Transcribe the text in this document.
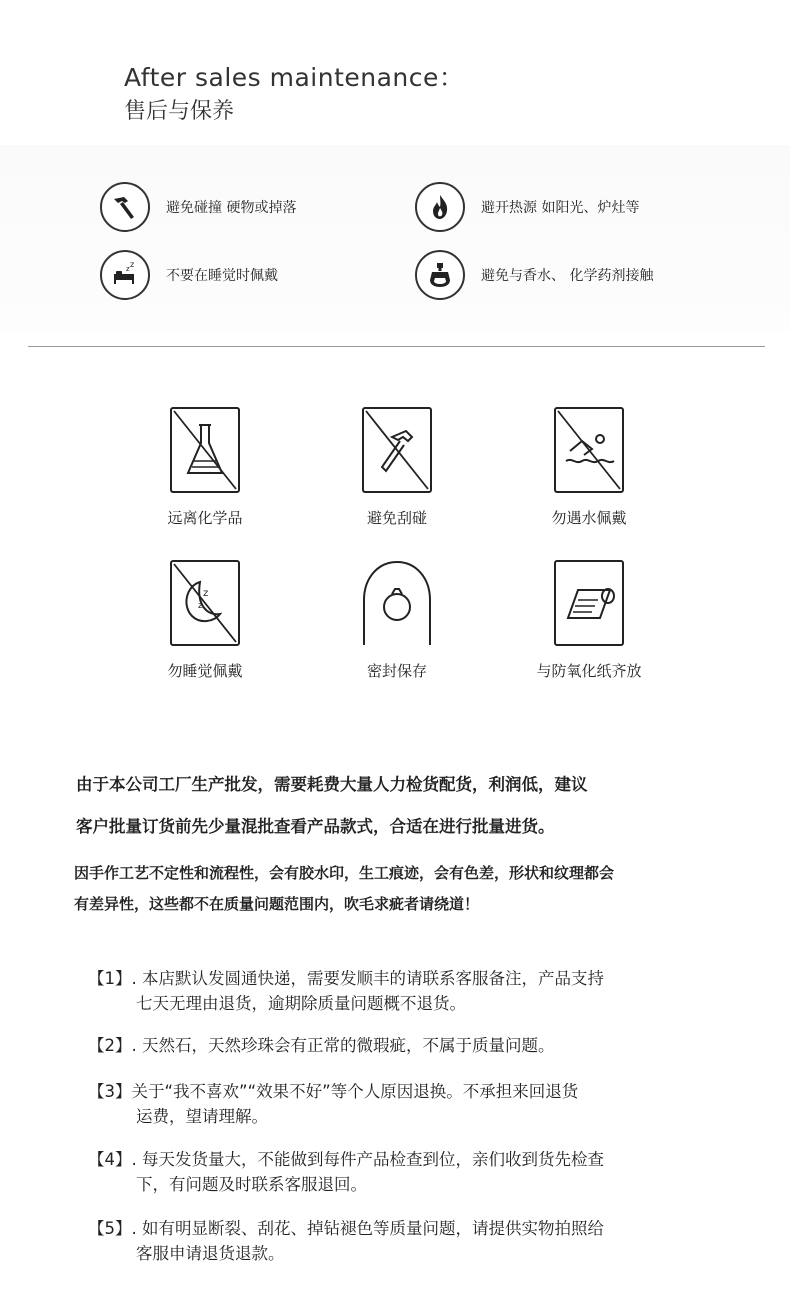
After sales maintenance：
售后与保养
避免碰撞 硬物或掉落	避开热源 如阳光、炉灶等
z z
不要在睡觉时佩戴	避免与香水、 化学药剂接触
远离化学品	避免刮碰	勿遇水佩戴
z
z
勿睡觉佩戴	密封保存	与防氧化纸齐放
由于本公司工厂生产批发，需要耗费大量人力检货配货，利润低，建议
客户批量订货前先少量混批查看产品款式，合适在进行批量进货。
因手作工艺不定性和流程性，会有胶水印，生工痕迹，会有色差，形状和纹理都会
有差异性，这些都不在质量问题范围内，吹毛求疵者请绕道！
【1】. 本店默认发圆通快递，需要发顺丰的请联系客服备注，产品支持
七天无理由退货，逾期除质量问题概不退货。
【2】. 天然石，天然珍珠会有正常的微瑕疵，不属于质量问题。
【3】关于“我不喜欢”“效果不好”等个人原因退换。不承担来回退货
运费，望请理解。
【4】. 每天发货量大，不能做到每件产品检查到位，亲们收到货先检查
下，有问题及时联系客服退回。
【5】. 如有明显断裂、刮花、掉钻褪色等质量问题，请提供实物拍照给
客服申请退货退款。
